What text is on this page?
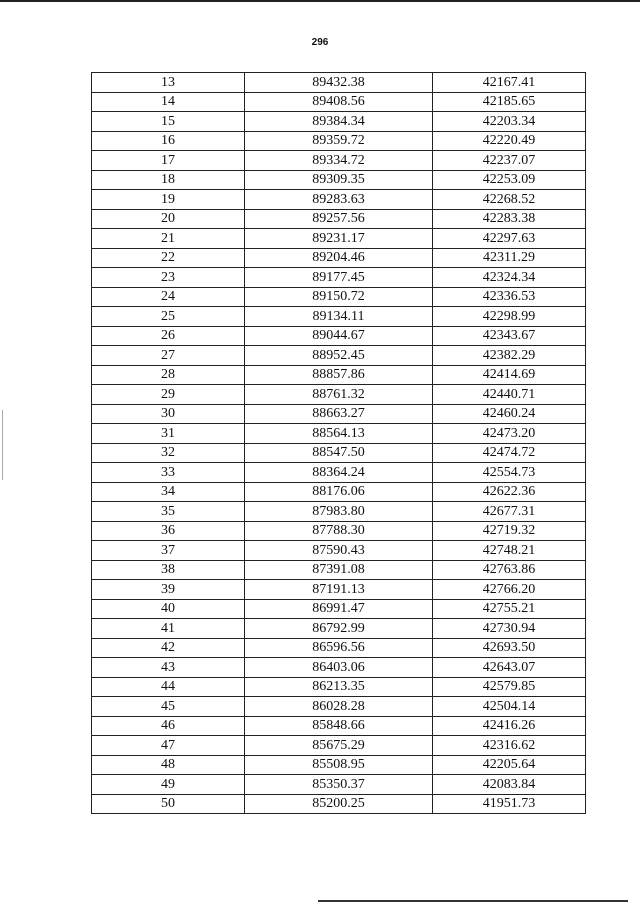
296
13	89432.38	42167.41
14	89408.56	42185.65
15	89384.34	42203.34
16	89359.72	42220.49
17	89334.72	42237.07
18	89309.35	42253.09
19	89283.63	42268.52
20	89257.56	42283.38
21	89231.17	42297.63
22	89204.46	42311.29
23	89177.45	42324.34
24	89150.72	42336.53
25	89134.11	42298.99
26	89044.67	42343.67
27	88952.45	42382.29
28	88857.86	42414.69
29	88761.32	42440.71
30	88663.27	42460.24
31	88564.13	42473.20
32	88547.50	42474.72
33	88364.24	42554.73
34	88176.06	42622.36
35	87983.80	42677.31
36	87788.30	42719.32
37	87590.43	42748.21
38	87391.08	42763.86
39	87191.13	42766.20
40	86991.47	42755.21
41	86792.99	42730.94
42	86596.56	42693.50
43	86403.06	42643.07
44	86213.35	42579.85
45	86028.28	42504.14
46	85848.66	42416.26
47	85675.29	42316.62
48	85508.95	42205.64
49	85350.37	42083.84
50	85200.25	41951.73
